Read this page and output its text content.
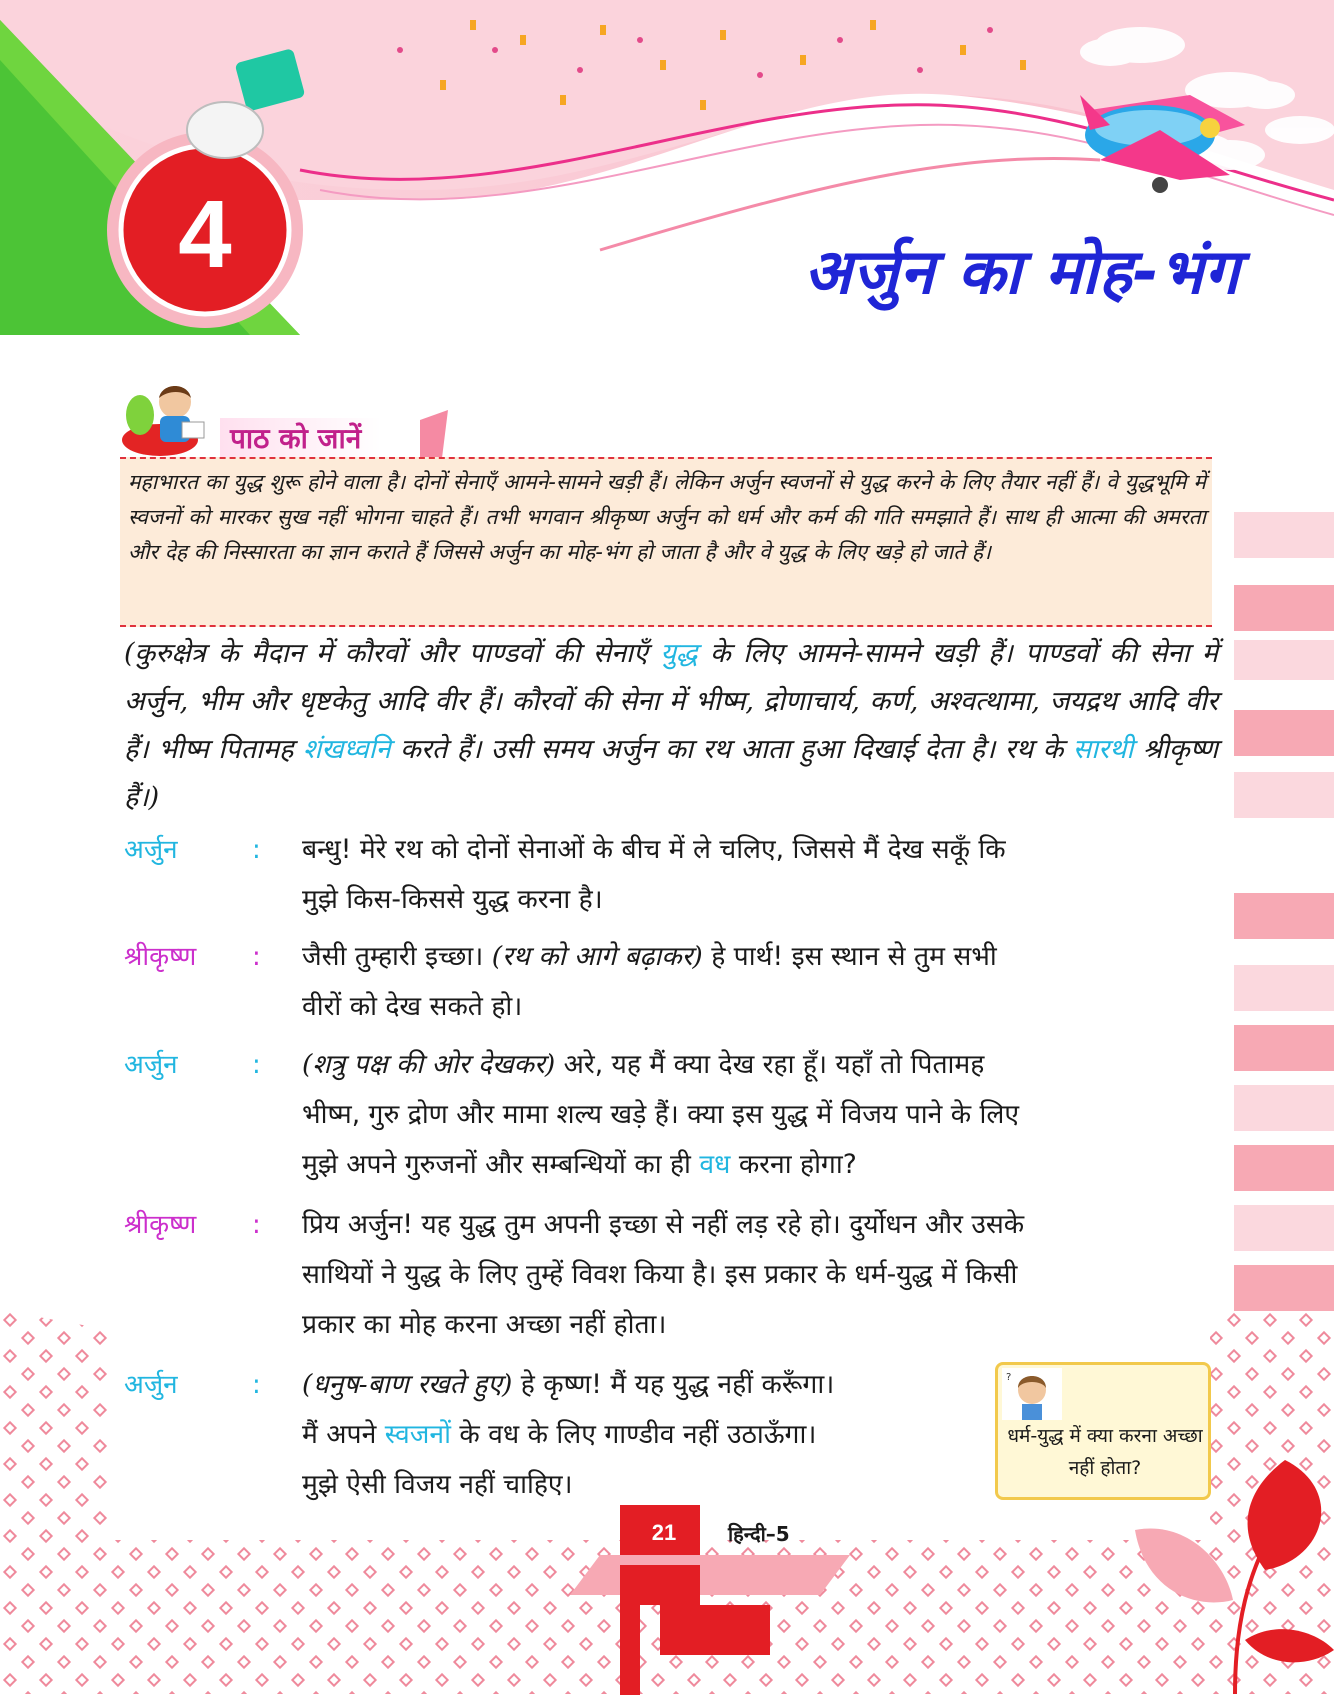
4	अर्जुन का मोह-भंग
पाठ को जानें

महाभारत का युद्ध शुरू होने वाला है। दोनों सेनाएँ आमने-सामने खड़ी हैं। लेकिन अर्जुन स्वजनों से युद्ध करने के लिए तैयार नहीं हैं। वे युद्धभूमि में स्वजनों को मारकर सुख नहीं भोगना चाहते हैं। तभी भगवान श्रीकृष्ण अर्जुन को धर्म और कर्म की गति समझाते हैं। साथ ही आत्मा की अमरता और देह की निस्सारता का ज्ञान कराते हैं जिससे अर्जुन का मोह-भंग हो जाता है और वे युद्ध के लिए खड़े हो जाते हैं।

(कुरुक्षेत्र के मैदान में कौरवों और पाण्डवों की सेनाएँ युद्ध के लिए आमने-सामने खड़ी हैं। पाण्डवों की सेना में अर्जुन, भीम और धृष्टकेतु आदि वीर हैं। कौरवों की सेना में भीष्म, द्रोणाचार्य, कर्ण, अश्वत्थामा, जयद्रथ आदि वीर हैं। भीष्म पितामह शंखध्वनि करते हैं। उसी समय अर्जुन का रथ आता हुआ दिखाई देता है। रथ के सारथी श्रीकृष्ण हैं।)

अर्जुन	: बन्धु! मेरे रथ को दोनों सेनाओं के बीच में ले चलिए, जिससे मैं देख सकूँ कि

मुझे किस-किससे युद्ध करना है।

श्रीकृष्ण : जैसी तुम्हारी इच्छा। (रथ को आगे बढ़ाकर) हे पार्थ! इस स्थान से तुम सभी

वीरों को देख सकते हो।

अर्जुन	: (शत्रु पक्ष की ओर देखकर) अरे, यह मैं क्या देख रहा हूँ। यहाँ तो पितामह

भीष्म, गुरु द्रोण और मामा शल्य खड़े हैं। क्या इस युद्ध में विजय पाने के लिए

मुझे अपने गुरुजनों और सम्बन्धियों का ही वध करना होगा?

श्रीकृष्ण : प्रिय अर्जुन! यह युद्ध तुम अपनी इच्छा से नहीं लड़ रहे हो। दुर्योधन और उसके

साथियों ने युद्ध के लिए तुम्हें विवश किया है। इस प्रकार के धर्म-युद्ध में किसी

प्रकार का मोह करना अच्छा नहीं होता।

अर्जुन	: (धनुष-बाण रखते हुए) हे कृष्ण! मैं यह युद्ध नहीं करूँगा।

मैं अपने स्वजनों के वध के लिए गाण्डीव नहीं उठाऊँगा।

मुझे ऐसी विजय नहीं चाहिए।

?

धर्म-युद्ध में क्या करना अच्छा नहीं होता?

21	हिन्दी–5
